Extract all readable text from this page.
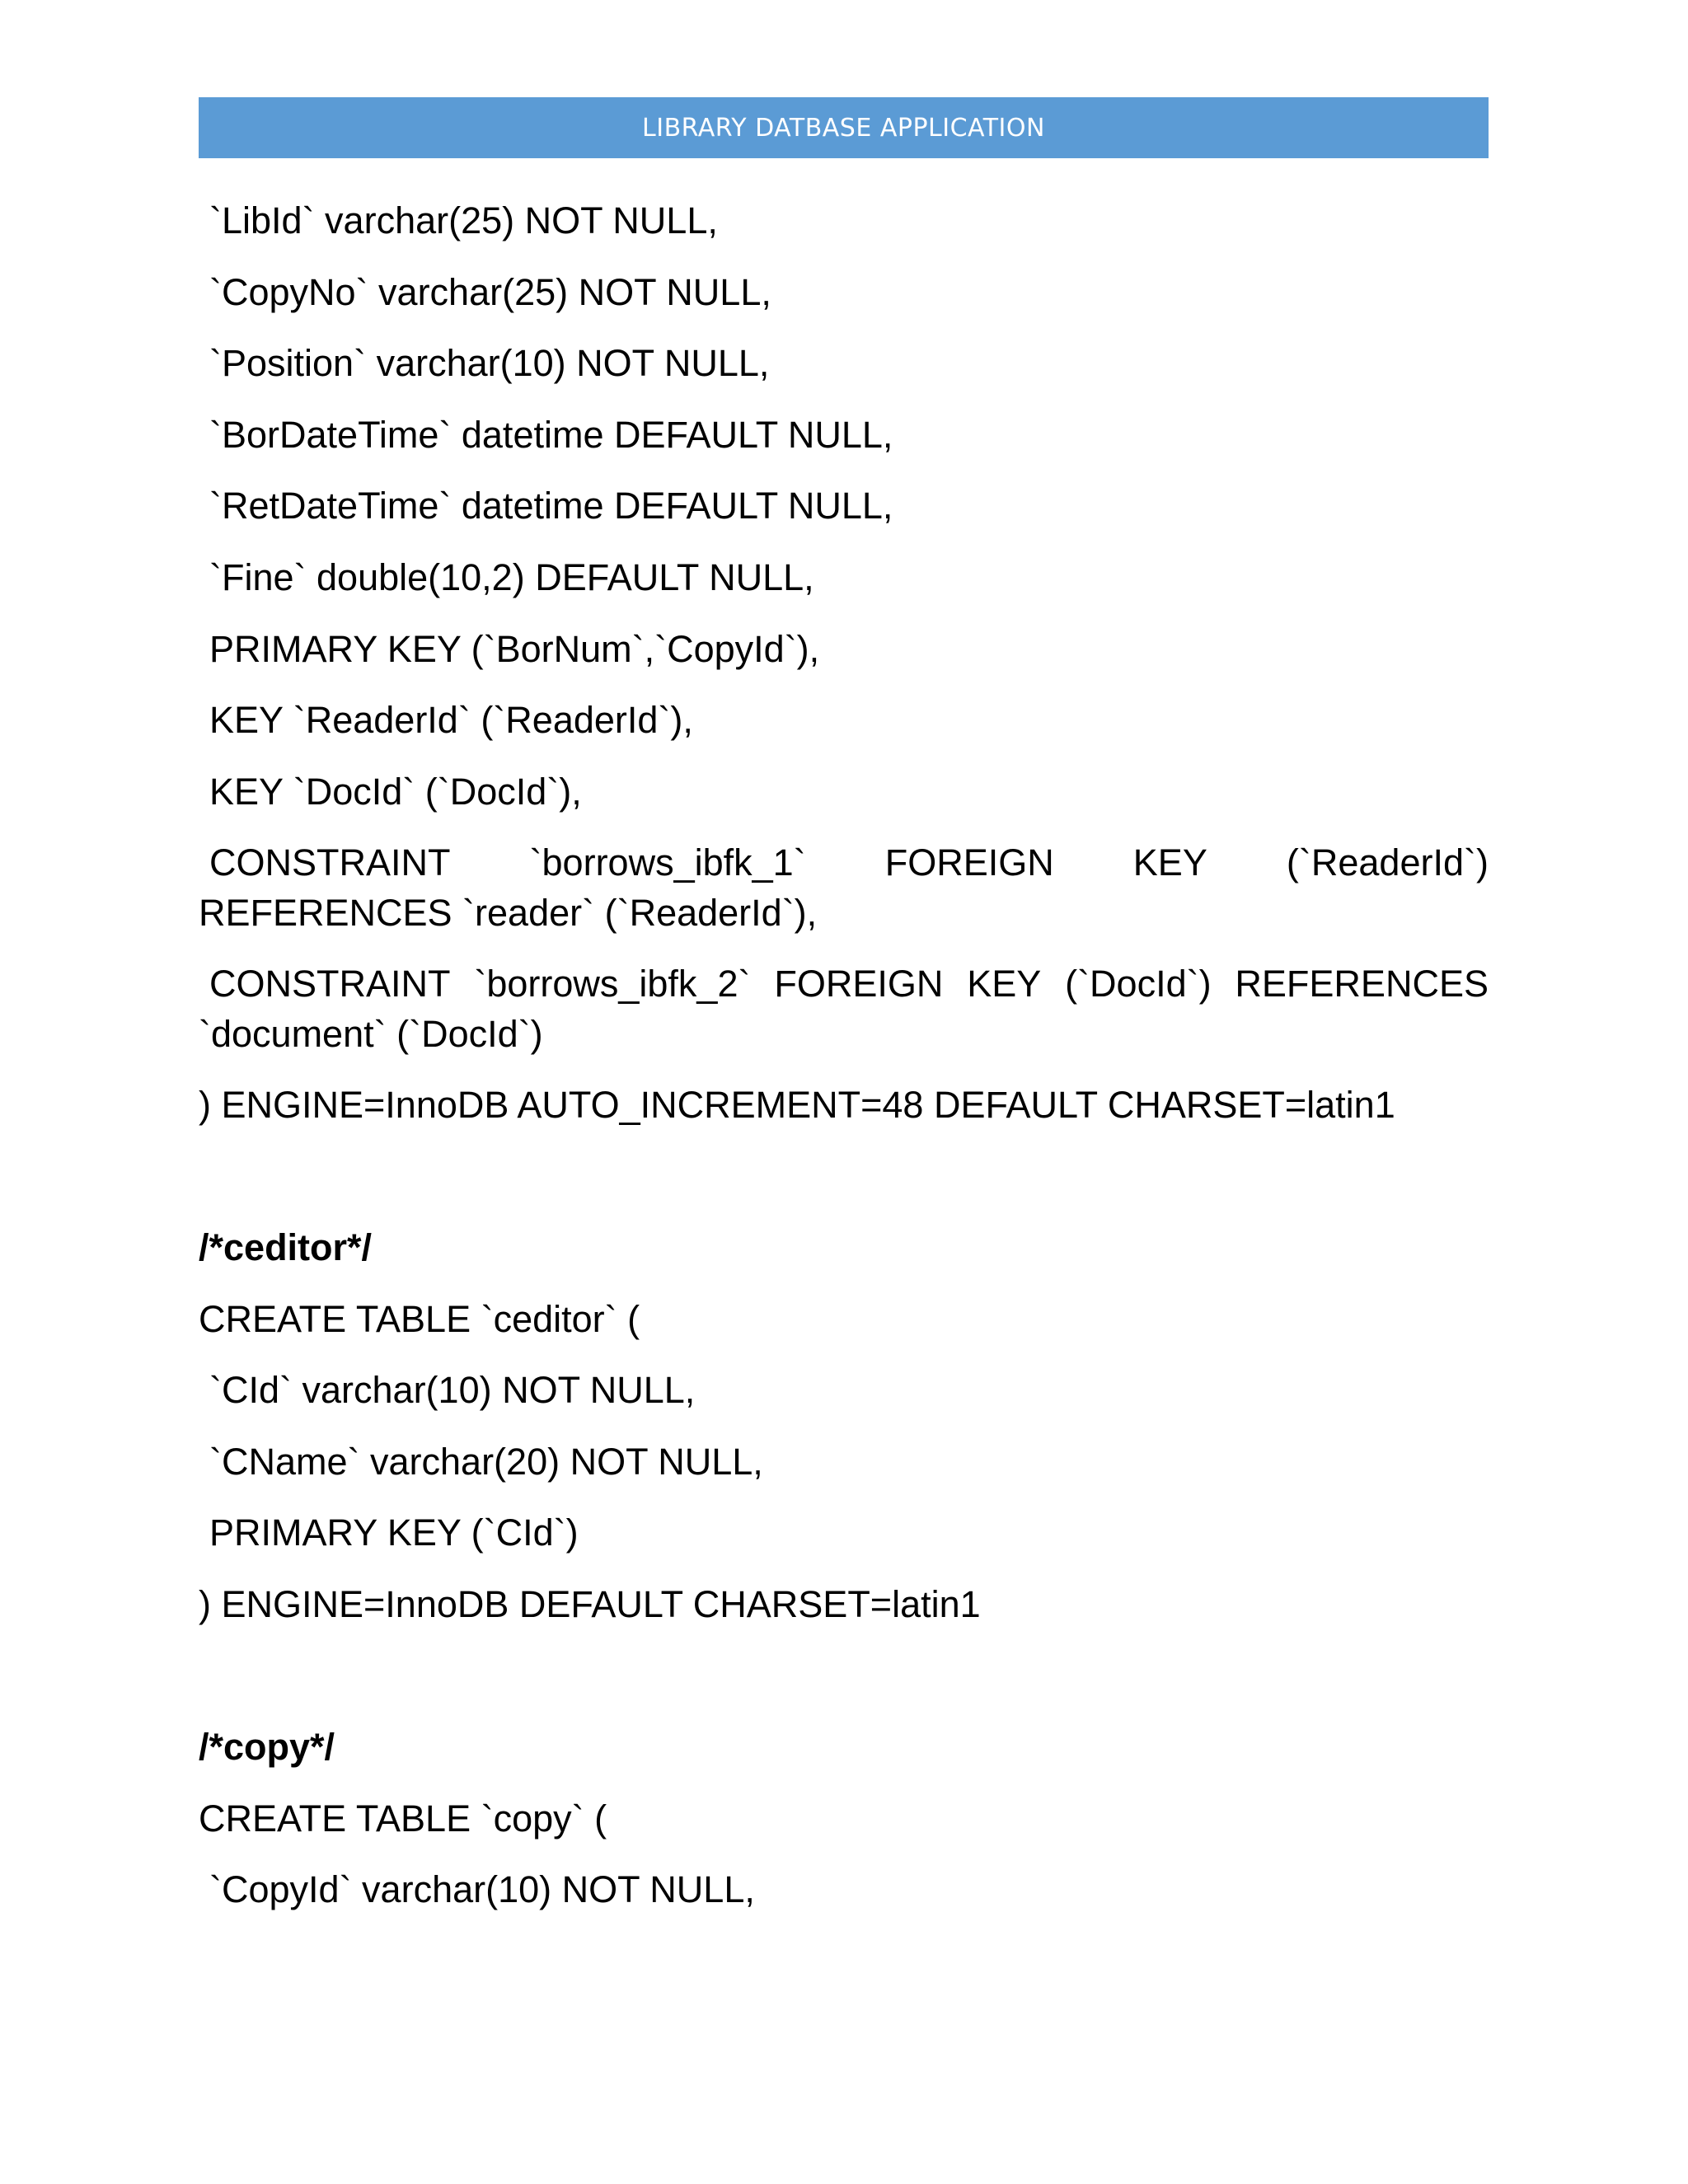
LIBRARY DATBASE APPLICATION
`LibId` varchar(25) NOT NULL,
`CopyNo` varchar(25) NOT NULL,
`Position` varchar(10) NOT NULL,
`BorDateTime` datetime DEFAULT NULL,
`RetDateTime` datetime DEFAULT NULL,
`Fine` double(10,2) DEFAULT NULL,
PRIMARY KEY (`BorNum`,`CopyId`),
KEY `ReaderId` (`ReaderId`),
KEY `DocId` (`DocId`),
CONSTRAINT `borrows_ibfk_1` FOREIGN KEY (`ReaderId`)
REFERENCES `reader` (`ReaderId`),
CONSTRAINT `borrows_ibfk_2` FOREIGN KEY (`DocId`) REFERENCES
`document` (`DocId`)
) ENGINE=InnoDB AUTO_INCREMENT=48 DEFAULT CHARSET=latin1
/*ceditor*/
CREATE TABLE `ceditor` (
`CId` varchar(10) NOT NULL,
`CName` varchar(20) NOT NULL,
PRIMARY KEY (`CId`)
) ENGINE=InnoDB DEFAULT CHARSET=latin1
/*copy*/
CREATE TABLE `copy` (
`CopyId` varchar(10) NOT NULL,
